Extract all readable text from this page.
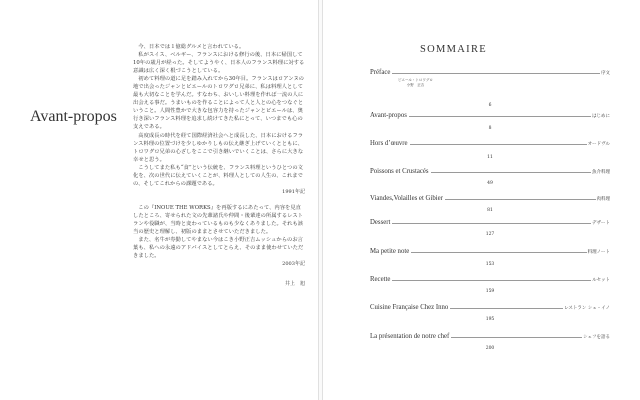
Avant-propos

今、日本では１億総グルメと言われている。

私がスイス、ベルギー、フランスにおける修行の後、日本に帰国して10年の歳月が経った。そしてようやく、日本人のフランス料理に対する意識は広く深く根づこうとしている。

初めて料理の道に足を踏み入れてから30年目。フランスはロアンヌの地で出会ったジャンとピエールのトロワグロ兄弟に、私は料理人として最も大切なことを学んだ。すなわち、おいしい料理を作れば一流の人に出会える事だ。うまいものを作ることによって人と人との心をつなぐということ。人間性豊かで大きな包容力を持ったジャンとピエールは、奥行き深いフランス料理を追求し続けてきた私にとって、いつまでも心の支えである。

高度成長の時代を経て国際経済社会へと成長した、日本におけるフランス料理の位置づけを少しゆかりしもの伝え継ぎ上げていくとともに、トロワグロ兄弟の心ざしをここで引き継いでいくことは、さらに大きな幸せと思う。

こうしてまた私も“食”という伝統を、フランス料理というひとつの文化を、次の世代に伝えていくことが、料理人としての人生の、これまでの、そしてこれからの課題である。

1991年記

この『INOUE THE WORKS』を再版するにあたって、内容を見直したところ、寄せられた文の先輩諸氏や仲間・後輩達の所属するレストランや役職が、当時と変わっているものも少なくありました。それも該当の歴史と理解し、初版のままとさせていただきました。

また、名牛が券勤してやまない今はこき小野正吉ムッシュからのお言葉も、私への永遠のアドバイスとしてとらえ、そのまま使わせていただきました。

2003年記

井上　旭

SOMMAIRE
Préface	序文
ピエール・トロワグロ
小野　正吉
6
Avant-propos	はじめに
8
Hors d’œuvre	オードヴル
11
Poissons et Crustacés	魚介料理
49
Viandes,Volailles et Gibier	肉料理
81
Dessert	デザート
127
Ma petite note	料理ノート
153
Recette	ルセット
159
Cuisine Française Chez Inno	レストラン シェ・イノ
195
La présentation de notre chef	シェフを語る
200
